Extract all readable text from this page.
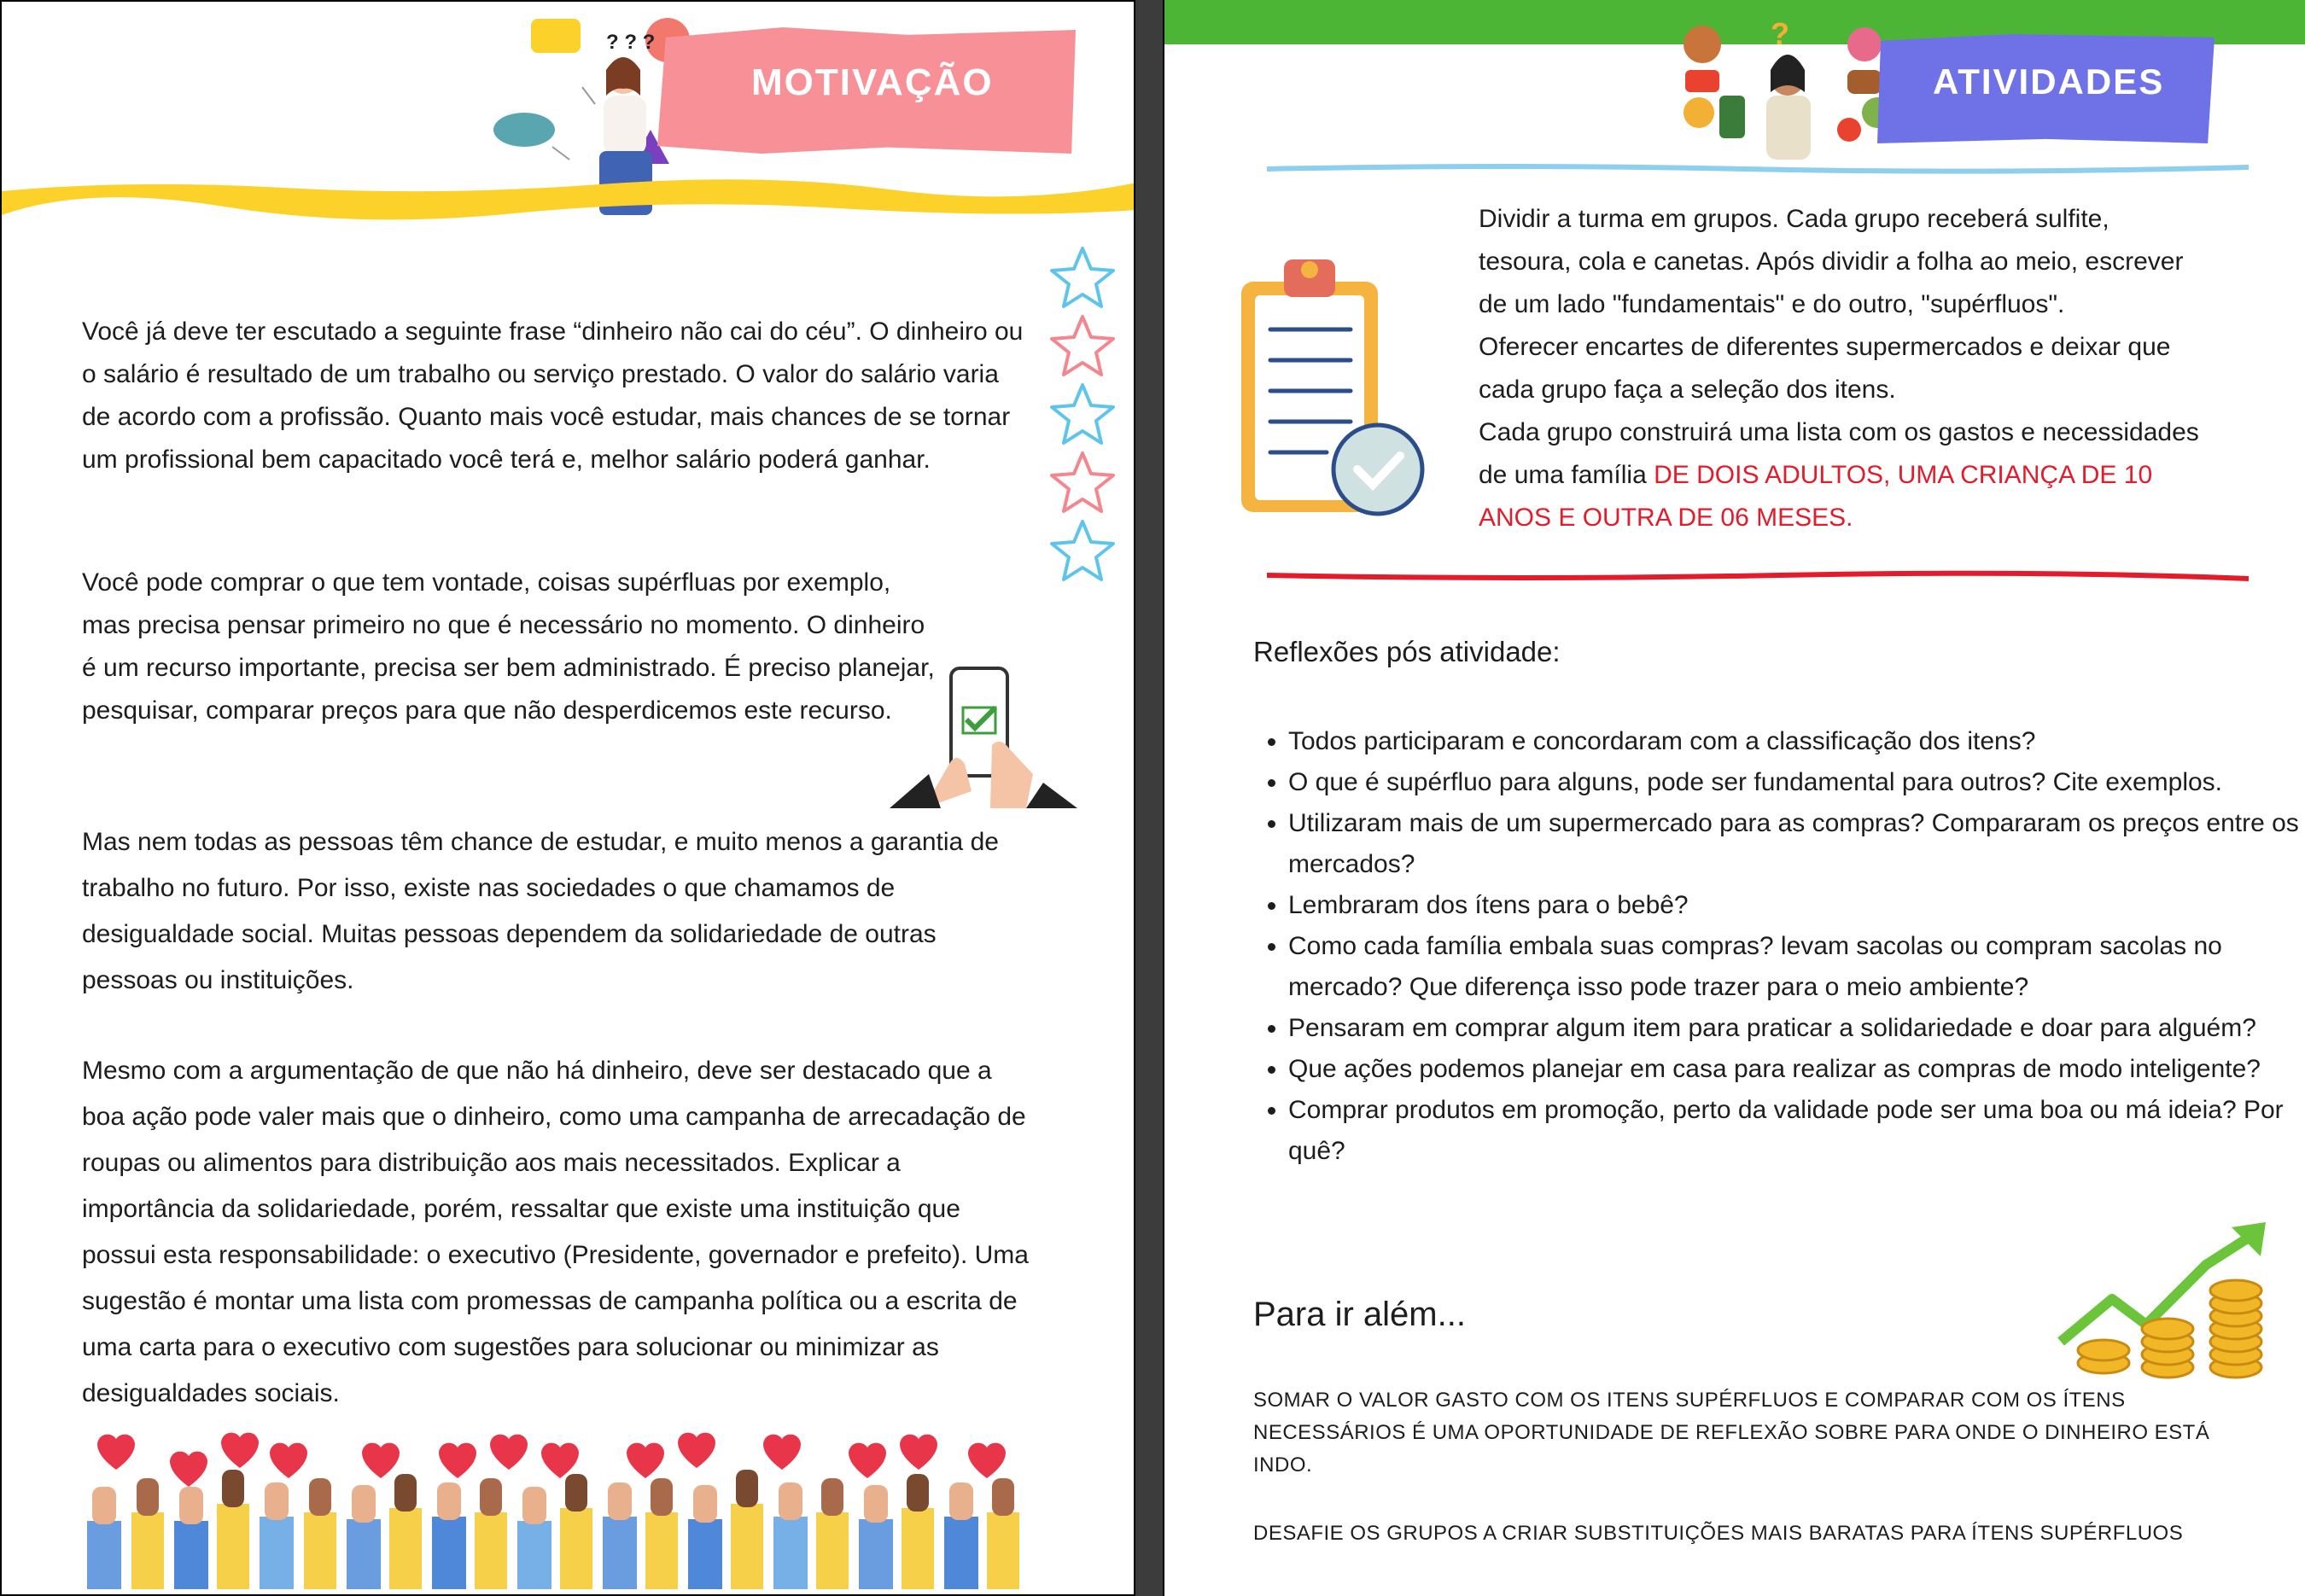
? ? ?
MOTIVAÇÃO

Você já deve ter escutado a seguinte frase “dinheiro não cai do céu”. O dinheiro ou o salário é resultado de um trabalho ou serviço prestado. O valor do salário varia de acordo com a profissão. Quanto mais você estudar, mais chances de se tornar um profissional bem capacitado você terá e, melhor salário poderá ganhar.

Você pode comprar o que tem vontade, coisas supérfluas por exemplo, mas precisa pensar primeiro no que é necessário no momento. O dinheiro é um recurso importante, precisa ser bem administrado. É preciso planejar, pesquisar, comparar preços para que não desperdicemos este recurso.

Mas nem todas as pessoas têm chance de estudar, e muito menos a garantia de trabalho no futuro. Por isso, existe nas sociedades o que chamamos de desigualdade social. Muitas pessoas dependem da solidariedade de outras pessoas ou instituições.

Mesmo com a argumentação de que não há dinheiro, deve ser destacado que a boa ação pode valer mais que o dinheiro, como uma campanha de arrecadação de roupas ou alimentos para distribuição aos mais necessitados. Explicar a importância da solidariedade, porém, ressaltar que existe uma instituição que possui esta responsabilidade: o executivo (Presidente, governador e prefeito). Uma sugestão é montar uma lista com promessas de campanha política ou a escrita de uma carta para o executivo com sugestões para solucionar ou minimizar as desigualdades sociais.

?
ATIVIDADES
Dividir a turma em grupos. Cada grupo receberá sulfite,
tesoura, cola e canetas. Após dividir a folha ao meio, escrever
de um lado "fundamentais" e do outro, "supérfluos".
Oferecer encartes de diferentes supermercados e deixar que
cada grupo faça a seleção dos itens.
Cada grupo construirá uma lista com os gastos e necessidades
de uma família DE DOIS ADULTOS, UMA CRIANÇA DE 10
ANOS E OUTRA DE 06 MESES.
Reflexões pós atividade:
• Todos participaram e concordaram com a classificação dos itens?
• O que é supérfluo para alguns, pode ser fundamental para outros? Cite exemplos.
• Utilizaram mais de um supermercado para as compras? Compararam os preços entre os mercados?
• Lembraram dos ítens para o bebê?
• Como cada família embala suas compras? levam sacolas ou compram sacolas no mercado? Que diferença isso pode trazer para o meio ambiente?
• Pensaram em comprar algum item para praticar a solidariedade e doar para alguém?
• Que ações podemos planejar em casa para realizar as compras de modo inteligente?
• Comprar produtos em promoção, perto da validade pode ser uma boa ou má ideia? Por quê?
Para ir além...
SOMAR O VALOR GASTO COM OS ITENS SUPÉRFLUOS E COMPARAR COM OS ÍTENS NECESSÁRIOS É UMA OPORTUNIDADE DE REFLEXÃO SOBRE PARA ONDE O DINHEIRO ESTÁ INDO.
DESAFIE OS GRUPOS A CRIAR SUBSTITUIÇÕES MAIS BARATAS PARA ÍTENS SUPÉRFLUOS
